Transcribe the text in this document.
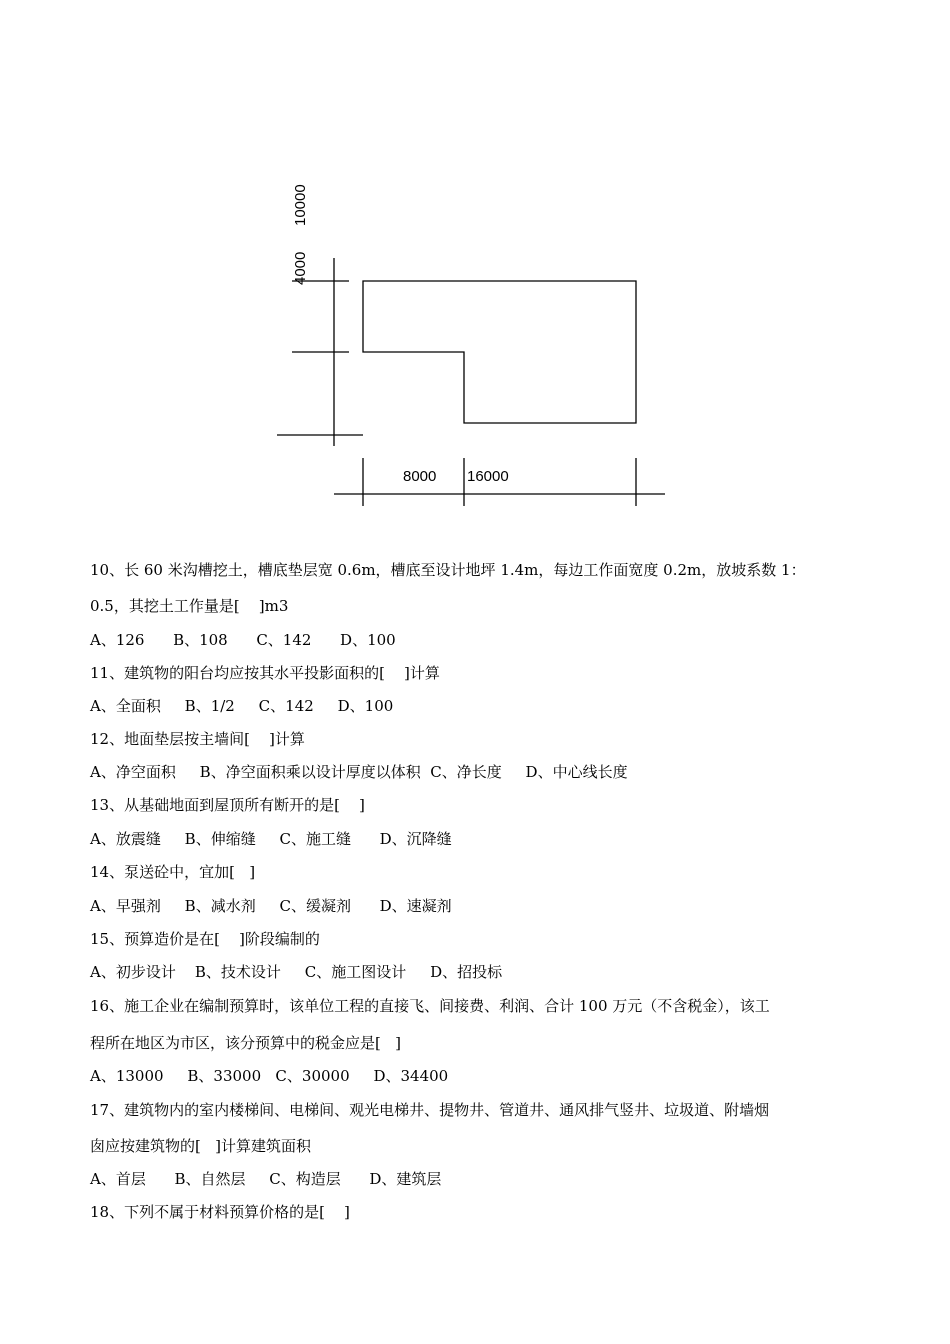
10000
4000
8000 16000
10、长 60 米沟槽挖土，槽底垫层宽 0.6m，槽底至设计地坪 1.4m，每边工作面宽度 0.2m，放坡系数 1：
0.5，其挖土工作量是[    ]m3
A、126      B、108      C、142      D、100
11、建筑物的阳台均应按其水平投影面积的[    ]计算
A、全面积     B、1/2     C、142     D、100
12、地面垫层按主墙间[    ]计算
A、净空面积     B、净空面积乘以设计厚度以体积  C、净长度     D、中心线长度
13、从基础地面到屋顶所有断开的是[    ]
A、放震缝     B、伸缩缝     C、施工缝      D、沉降缝
14、泵送砼中，宜加[   ]
A、早强剂     B、减水剂     C、缓凝剂      D、速凝剂
15、预算造价是在[    ]阶段编制的
A、初步设计    B、技术设计     C、施工图设计     D、招投标
16、施工企业在编制预算时，该单位工程的直接飞、间接费、利润、合计 100 万元（不含税金），该工
程所在地区为市区，该分预算中的税金应是[   ]
A、13000     B、33000   C、30000     D、34400
17、建筑物内的室内楼梯间、电梯间、观光电梯井、提物井、管道井、通风排气竖井、垃圾道、附墙烟
囱应按建筑物的[   ]计算建筑面积
A、首层      B、自然层     C、构造层      D、建筑层
18、下列不属于材料预算价格的是[    ]
